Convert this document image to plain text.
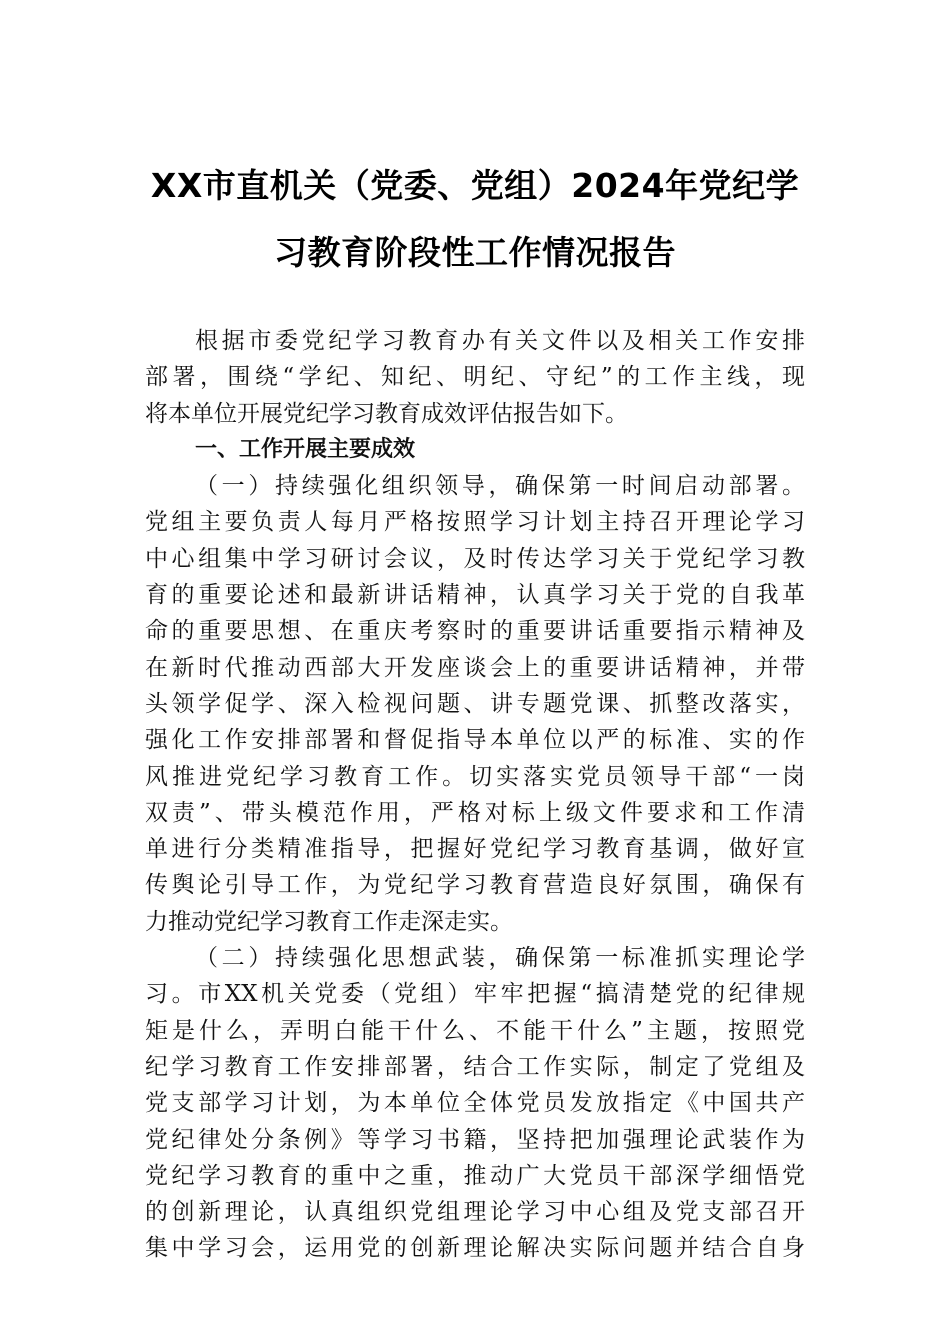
XX市直机关（党委、党组）2024年党纪学
习教育阶段性工作情况报告
根据市委党纪学习教育办有关文件以及相关工作安排
部署，围绕“学纪、知纪、明纪、守纪”的工作主线，现
将本单位开展党纪学习教育成效评估报告如下。
一、工作开展主要成效
（一）持续强化组织领导，确保第一时间启动部署。
党组主要负责人每月严格按照学习计划主持召开理论学习
中心组集中学习研讨会议，及时传达学习关于党纪学习教
育的重要论述和最新讲话精神，认真学习关于党的自我革
命的重要思想、在重庆考察时的重要讲话重要指示精神及
在新时代推动西部大开发座谈会上的重要讲话精神，并带
头领学促学、深入检视问题、讲专题党课、抓整改落实，
强化工作安排部署和督促指导本单位以严的标准、实的作
风推进党纪学习教育工作。切实落实党员领导干部“一岗
双责”、带头模范作用，严格对标上级文件要求和工作清
单进行分类精准指导，把握好党纪学习教育基调，做好宣
传舆论引导工作，为党纪学习教育营造良好氛围，确保有
力推动党纪学习教育工作走深走实。
（二）持续强化思想武装，确保第一标准抓实理论学
习。市XX机关党委（党组）牢牢把握“搞清楚党的纪律规
矩是什么，弄明白能干什么、不能干什么”主题，按照党
纪学习教育工作安排部署，结合工作实际，制定了党组及
党支部学习计划，为本单位全体党员发放指定《中国共产
党纪律处分条例》等学习书籍，坚持把加强理论武装作为
党纪学习教育的重中之重，推动广大党员干部深学细悟党
的创新理论，认真组织党组理论学习中心组及党支部召开
集中学习会，运用党的创新理论解决实际问题并结合自身
